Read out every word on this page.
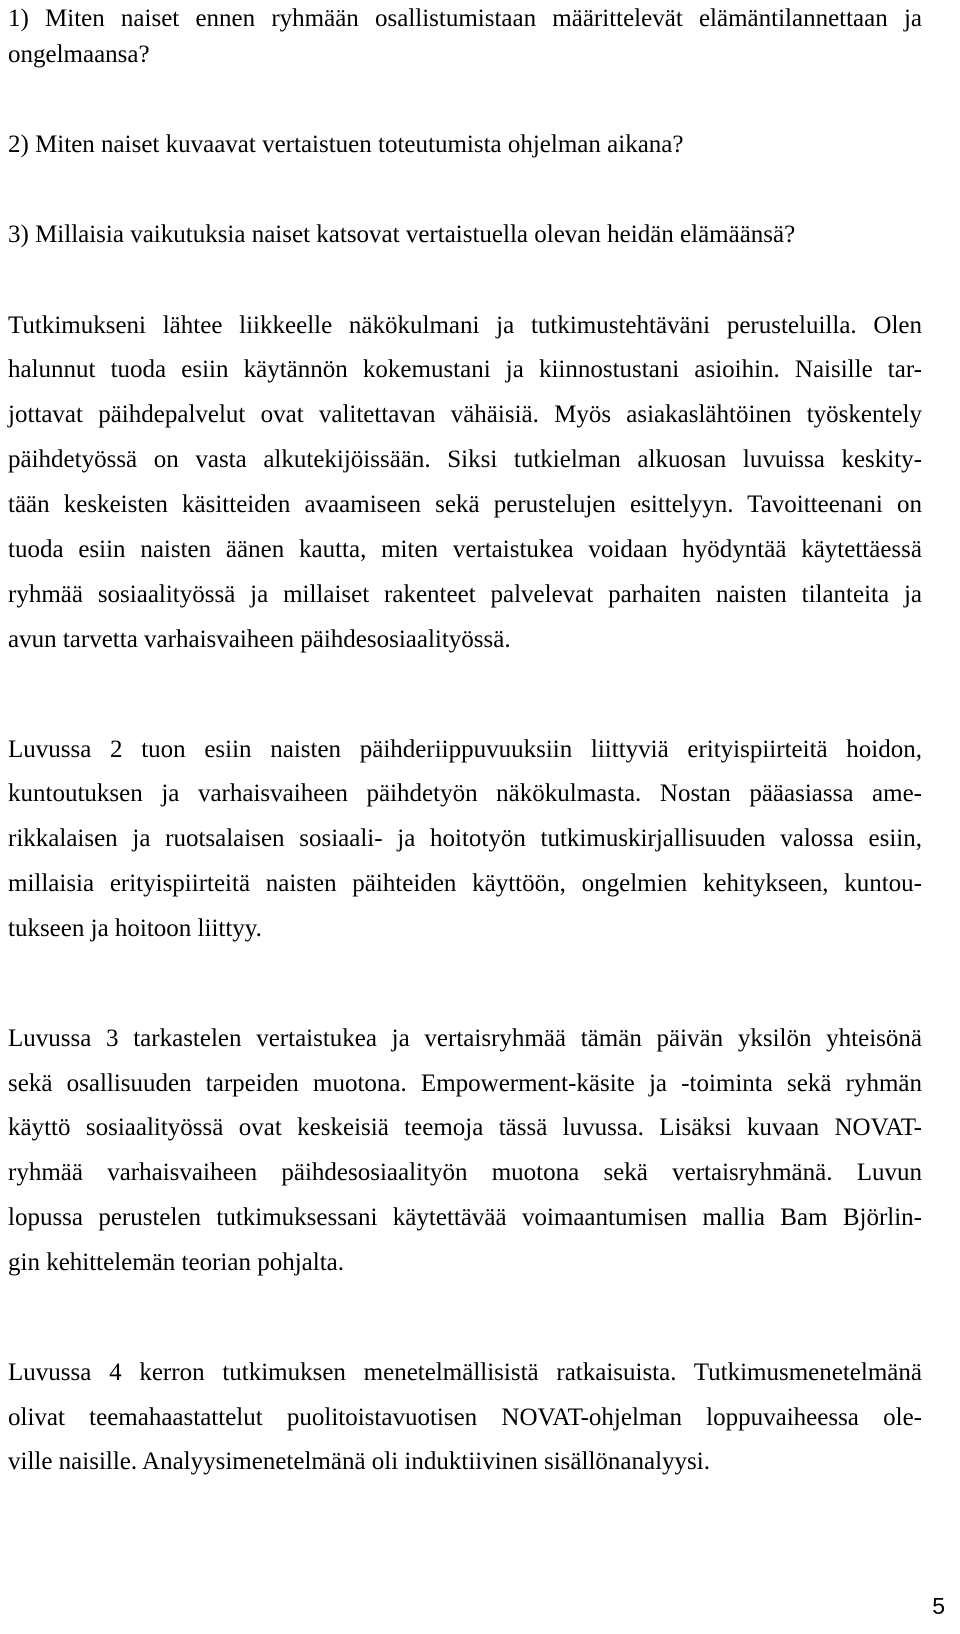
1) Miten naiset ennen ryhmään osallistumistaan määrittelevät elämäntilannettaan ja

ongelmaansa?

2) Miten naiset kuvaavat vertaistuen toteutumista ohjelman aikana?

3) Millaisia vaikutuksia naiset katsovat vertaistuella olevan heidän elämäänsä?

Tutkimukseni lähtee liikkeelle näkökulmani ja tutkimustehtäväni perusteluilla. Olen

halunnut tuoda esiin käytännön kokemustani ja kiinnostustani asioihin. Naisille tar-

jottavat päihdepalvelut ovat valitettavan vähäisiä. Myös asiakaslähtöinen työskentely

päihdetyössä on vasta alkutekijöissään. Siksi tutkielman alkuosan luvuissa keskity-

tään keskeisten käsitteiden avaamiseen sekä perustelujen esittelyyn. Tavoitteenani on

tuoda esiin naisten äänen kautta, miten vertaistukea voidaan hyödyntää käytettäessä

ryhmää sosiaalityössä ja millaiset rakenteet palvelevat parhaiten naisten tilanteita ja

avun tarvetta varhaisvaiheen päihdesosiaalityössä.

Luvussa 2 tuon esiin naisten päihderiippuvuuksiin liittyviä erityispiirteitä hoidon,

kuntoutuksen ja varhaisvaiheen päihdetyön näkökulmasta. Nostan pääasiassa ame-

rikkalaisen ja ruotsalaisen sosiaali- ja hoitotyön tutkimuskirjallisuuden valossa esiin,

millaisia erityispiirteitä naisten päihteiden käyttöön, ongelmien kehitykseen, kuntou-

tukseen ja hoitoon liittyy.

Luvussa 3 tarkastelen vertaistukea ja vertaisryhmää tämän päivän yksilön yhteisönä

sekä osallisuuden tarpeiden muotona. Empowerment-käsite ja -toiminta sekä ryhmän

käyttö sosiaalityössä ovat keskeisiä teemoja tässä luvussa. Lisäksi kuvaan NOVAT-

ryhmää varhaisvaiheen päihdesosiaalityön muotona sekä vertaisryhmänä. Luvun

lopussa perustelen tutkimuksessani käytettävää voimaantumisen mallia Bam Björlin-

gin kehittelemän teorian pohjalta.

Luvussa 4 kerron tutkimuksen menetelmällisistä ratkaisuista. Tutkimusmenetelmänä

olivat teemahaastattelut puolitoistavuotisen NOVAT-ohjelman loppuvaiheessa ole-

ville naisille. Analyysimenetelmänä oli induktiivinen sisällönanalyysi.

5
